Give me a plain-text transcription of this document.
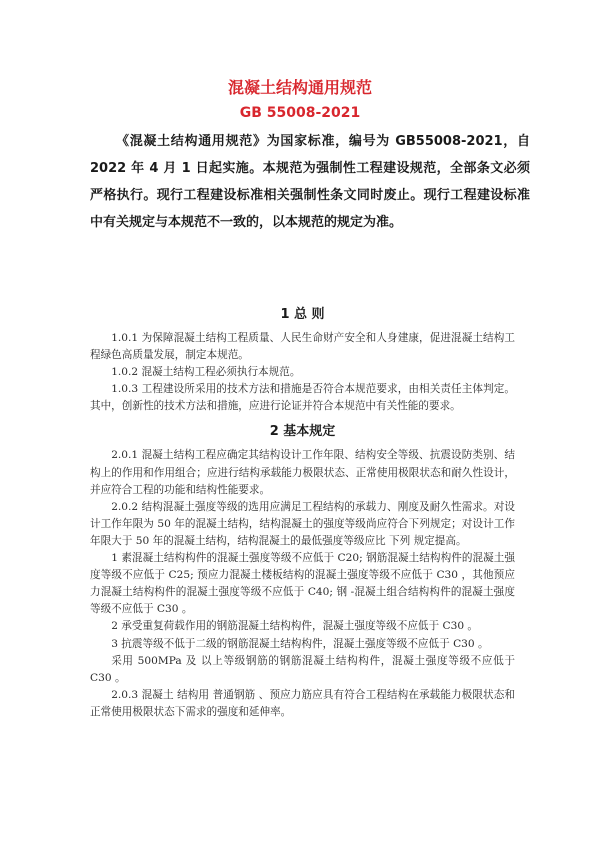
混凝土结构通用规范
GB 55008-2021

《混凝土结构通用规范》为国家标准，编号为 GB55008-2021，自 2022 年 4 月 1 日起实施。本规范为强制性工程建设规范，全部条文必须严格执行。现行工程建设标准相关强制性条文同时废止。现行工程建设标准中有关规定与本规范不一致的，以本规范的规定为准。

1 总 则

1.0.1 为保障混凝土结构工程质量、人民生命财产安全和人身建康，促进混凝土结构工程绿色高质量发展，制定本规范。

1.0.2 混凝土结构工程必须执行本规范。

1.0.3 工程建设所采用的技术方法和措施是否符合本规范要求，由相关责任主体判定。其中，创新性的技术方法和措施，应进行论证并符合本规范中有关性能的要求。

2 基本规定

2.0.1 混凝土结构工程应确定其结构设计工作年限、结构安全等级、抗震设防类别、结构上的作用和作用组合；应进行结构承载能力极限状态、正常使用极限状态和耐久性设计，并应符合工程的功能和结构性能要求。

2.0.2 结构混凝土强度等级的选用应满足工程结构的承载力、刚度及耐久性需求。对设计工作年限为 50 年的混凝土结构，结构混凝土的强度等级尚应符合下列规定；对设计工作年限大于 50 年的混凝土结构，结构混凝土的最低强度等级应比 下列 规定提高。

1 素混凝土结构构件的混凝土强度等级不应低于 C20; 钢筋混凝土结构构件的混凝土强度等级不应低于 C25; 预应力混凝土楼板结构的混凝土强度等级不应低于 C30 ，其他预应力混凝土结构构件的混凝土强度等级不应低于 C40; 钢 -混凝土组合结构构件的混凝土强度等级不应低于 C30 。

2 承受重复荷载作用的钢筋混凝土结构构件，混凝土强度等级不应低于 C30 。

3 抗震等级不低于二级的钢筋混凝土结构构件，混凝土强度等级不应低于 C30 。

采用 500MPa 及 以上等级钢筋的钢筋混凝土结构构件，混凝土强度等级不应低于 C30 。

2.0.3 混凝土 结构用 普通钢筋 、预应力筋应具有符合工程结构在承载能力极限状态和正常使用极限状态下需求的强度和延伸率。
